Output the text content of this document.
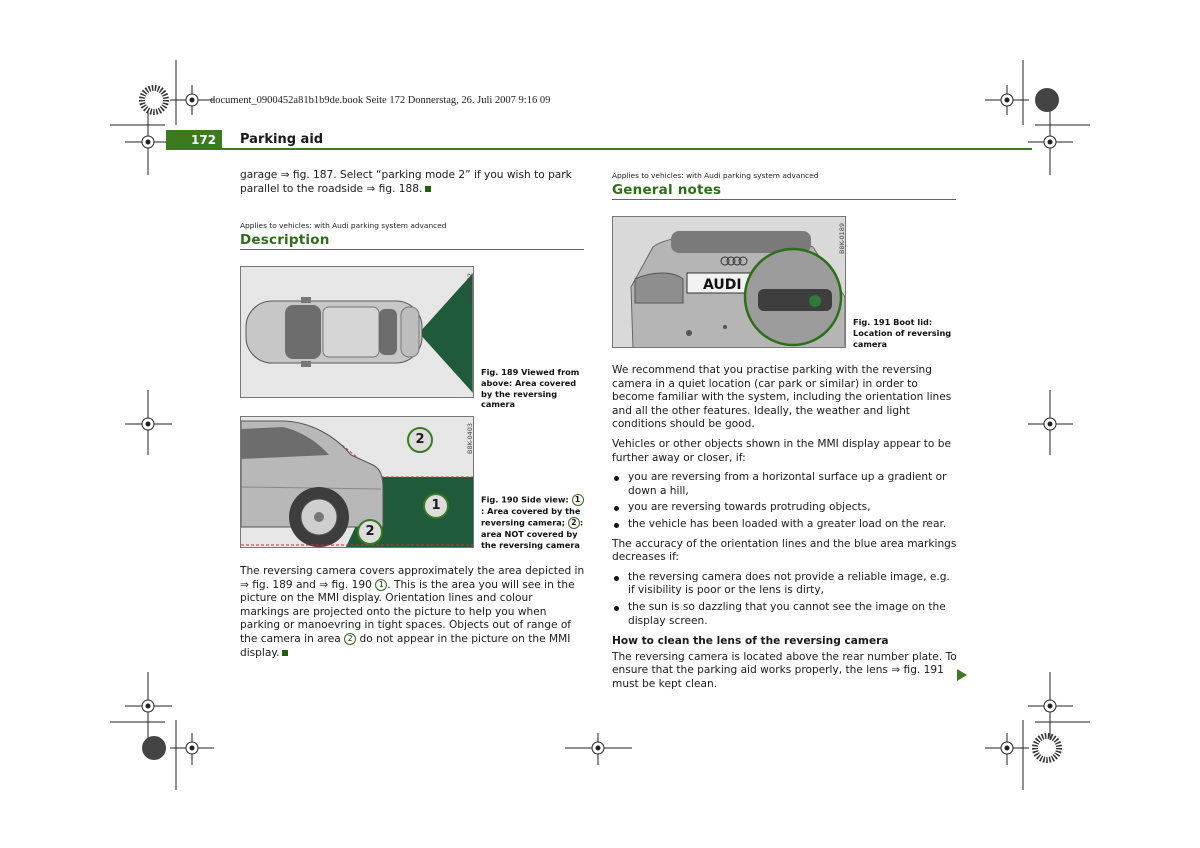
document_0900452a81b1b9de.book Seite 172 Donnerstag, 26. Juli 2007 9:16 09
172	Parking aid

garage ⇒ fig. 187. Select “parking mode 2” if you wish to park parallel to the roadside ⇒ fig. 188.

Applies to vehicles: with Audi parking system advanced
Description
B8K-0402
Fig. 189 Viewed from above: Area covered by the reversing camera
2
1
2
B8K-0403
Fig. 190 Side view: 1: Area covered by the reversing camera; 2 : area NOT covered by the reversing camera

The reversing camera covers approximately the area depicted in ⇒ fig. 189 and ⇒ fig. 190 1 . This is the area you will see in the picture on the MMI display. Orientation lines and colour markings are projected onto the picture to help you when parking or manoevring in tight spaces. Objects out of range of the camera in area 2 do not appear in the picture on the MMI display.

Applies to vehicles: with Audi parking system advanced
General notes
AUDI
B8K-0189
Fig. 191 Boot lid: Location of reversing camera

We recommend that you practise parking with the reversing camera in a quiet location (car park or similar) in order to become familiar with the system, including the orientation lines and all the other features. Ideally, the weather and light conditions should be good.

Vehicles or other objects shown in the MMI display appear to be further away or closer, if:

you are reversing from a horizontal surface up a gradient or down a hill,

you are reversing towards protruding objects,

the vehicle has been loaded with a greater load on the rear.

The accuracy of the orientation lines and the blue area markings decreases if:

the reversing camera does not provide a reliable image, e.g. if visibility is poor or the lens is dirty,

the sun is so dazzling that you cannot see the image on the display screen.

How to clean the lens of the reversing camera

The reversing camera is located above the rear number plate. To ensure that the parking aid works properly, the lens ⇒ fig. 191 must be kept clean.
